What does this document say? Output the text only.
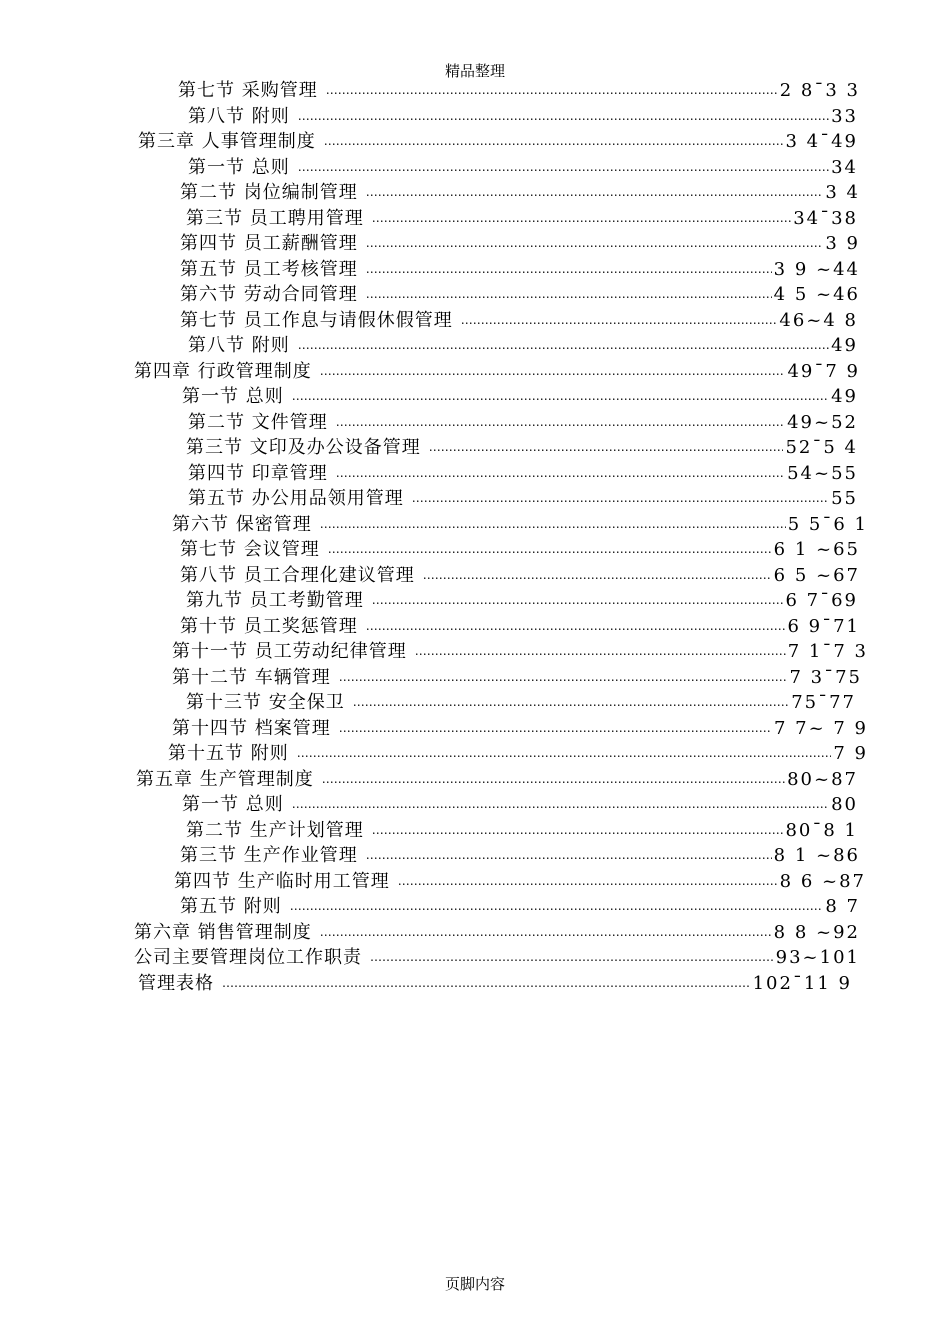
精品整理
第七节 采购管理 …………………………………………………………………………………………………………………………………………………………………………………………	2 8¯3 3
第八节 附则 …………………………………………………………………………………………………………………………………………………………………………………………	33
第三章 人事管理制度 …………………………………………………………………………………………………………………………………………………………………………………………	3 4¯49
第一节 总则 …………………………………………………………………………………………………………………………………………………………………………………………	34
第二节 岗位编制管理 …………………………………………………………………………………………………………………………………………………………………………………………	3 4
第三节 员工聘用管理 …………………………………………………………………………………………………………………………………………………………………………………………	34¯38
第四节 员工薪酬管理 …………………………………………………………………………………………………………………………………………………………………………………………	3 9
第五节 员工考核管理 …………………………………………………………………………………………………………………………………………………………………………………………	3 9 ~44
第六节 劳动合同管理 …………………………………………………………………………………………………………………………………………………………………………………………	4 5 ~46
第七节 员工作息与请假休假管理 …………………………………………………………………………………………………………………………………………………………………………………………	46~4 8
第八节 附则 …………………………………………………………………………………………………………………………………………………………………………………………	49
第四章 行政管理制度 …………………………………………………………………………………………………………………………………………………………………………………………	49¯7 9
第一节 总则 …………………………………………………………………………………………………………………………………………………………………………………………	49
第二节 文件管理 …………………………………………………………………………………………………………………………………………………………………………………………	49~52
第三节 文印及办公设备管理 …………………………………………………………………………………………………………………………………………………………………………………………	52¯5 4
第四节 印章管理 …………………………………………………………………………………………………………………………………………………………………………………………	54~55
第五节 办公用品领用管理 …………………………………………………………………………………………………………………………………………………………………………………………	55
第六节 保密管理 …………………………………………………………………………………………………………………………………………………………………………………………	5 5¯6 1
第七节 会议管理 …………………………………………………………………………………………………………………………………………………………………………………………	6 1 ~65
第八节 员工合理化建议管理 …………………………………………………………………………………………………………………………………………………………………………………………	6 5 ~67
第九节 员工考勤管理 …………………………………………………………………………………………………………………………………………………………………………………………	6 7¯69
第十节 员工奖惩管理 …………………………………………………………………………………………………………………………………………………………………………………………	6 9¯71
第十一节 员工劳动纪律管理 …………………………………………………………………………………………………………………………………………………………………………………………	7 1¯7 3
第十二节 车辆管理 …………………………………………………………………………………………………………………………………………………………………………………………	7 3¯75
第十三节 安全保卫 …………………………………………………………………………………………………………………………………………………………………………………………	75¯77
第十四节 档案管理 …………………………………………………………………………………………………………………………………………………………………………………………	7 7~ 7 9
第十五节 附则 …………………………………………………………………………………………………………………………………………………………………………………………	7 9
第五章 生产管理制度 …………………………………………………………………………………………………………………………………………………………………………………………	80~87
第一节 总则 …………………………………………………………………………………………………………………………………………………………………………………………	80
第二节 生产计划管理 …………………………………………………………………………………………………………………………………………………………………………………………	80¯8 1
第三节 生产作业管理 …………………………………………………………………………………………………………………………………………………………………………………………	8 1 ~86
第四节 生产临时用工管理 …………………………………………………………………………………………………………………………………………………………………………………………	8 6 ~87
第五节 附则 …………………………………………………………………………………………………………………………………………………………………………………………	8 7
第六章 销售管理制度 …………………………………………………………………………………………………………………………………………………………………………………………	8 8 ~92
公司主要管理岗位工作职责 …………………………………………………………………………………………………………………………………………………………………………………………	93~101
管理表格 …………………………………………………………………………………………………………………………………………………………………………………………	102¯11 9
页脚内容
